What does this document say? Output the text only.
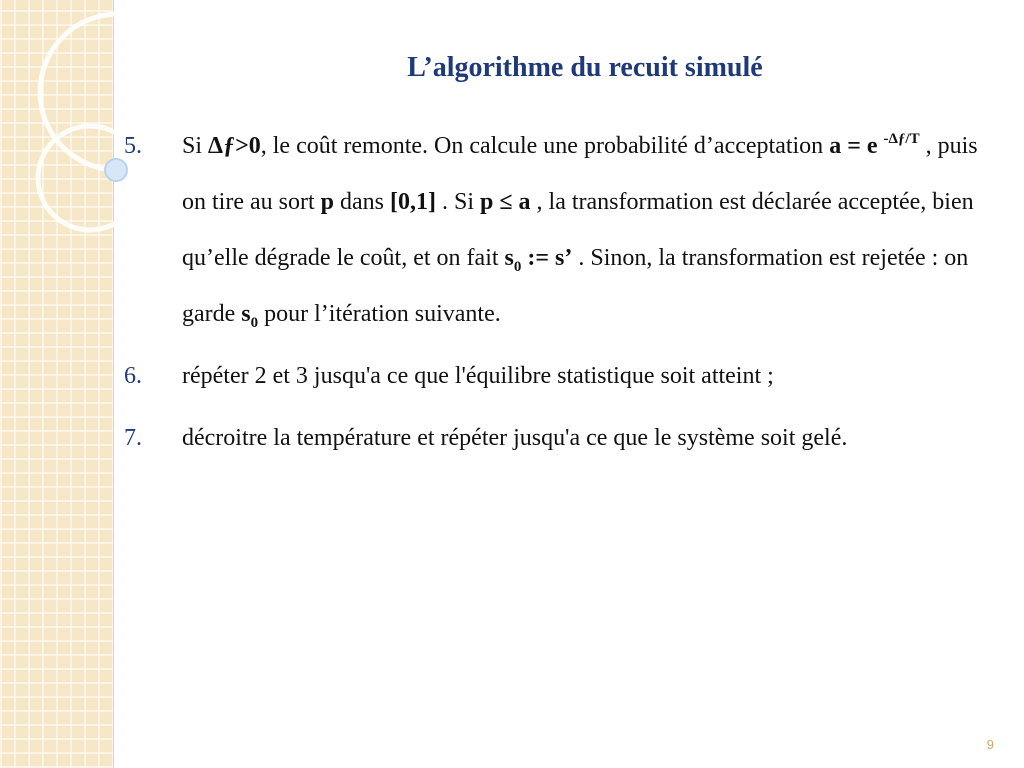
L’algorithme du recuit simulé
5. Si Δƒ>0, le coût remonte. On calcule une probabilité d’acceptation a = e $^{-\Delta ƒ/T}$ , puis on tire au sort p dans [0,1] . Si p ≤ a , la transformation est déclarée acceptée, bien qu’elle dégrade le coût, et on fait $s_0$ := s’ . Sinon, la transformation est rejetée : on garde $s_0$ pour l’itération suivante.
6. répéter 2 et 3 jusqu'a ce que l'équilibre statistique soit atteint ;
7. décroitre la température et répéter jusqu'a ce que le système soit gelé.
9
